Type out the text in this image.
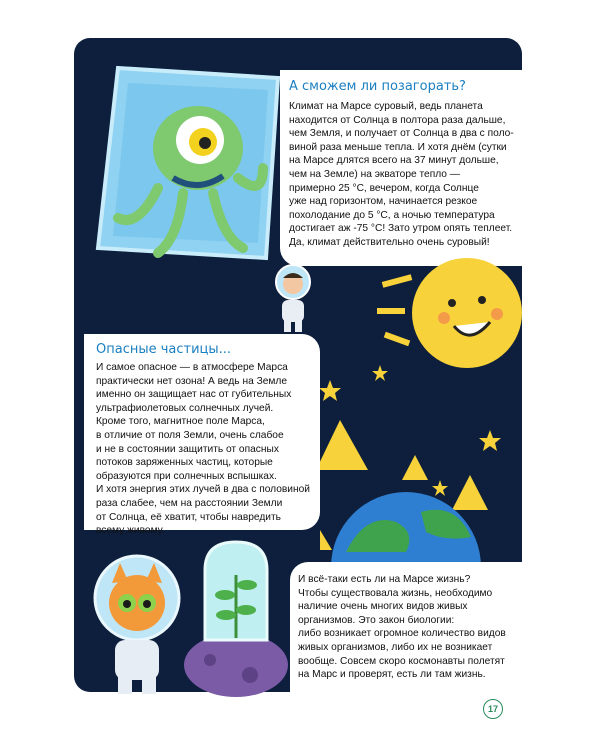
А сможем ли позагорать?
Климат на Марсе суровый, ведь планета
находится от Солнца в полтора раза дальше,
чем Земля, и получает от Солнца в два с поло-
виной раза меньше тепла. И хотя днём (сутки
на Марсе длятся всего на 37 минут дольше,
чем на Земле) на экваторе тепло —
примерно 25 °С, вечером, когда Солнце
уже над горизонтом, начинается резкое
похолодание до 5 °С, а ночью температура
достигает аж -75 °С! Зато утром опять теплеет.
Да, климат действительно очень суровый!
Опасные частицы...
И самое опасное — в атмосфере Марса
практически нет озона! А ведь на Земле
именно он защищает нас от губительных
ультрафиолетовых солнечных лучей.
Кроме того, магнитное поле Марса,
в отличие от поля Земли, очень слабое
и не в состоянии защитить от опасных
потоков заряженных частиц, которые
образуются при солнечных вспышках.
И хотя энергия этих лучей в два с половиной
раза слабее, чем на расстоянии Земли
от Солнца, её хватит, чтобы навредить
всему живому.
И всё-таки есть ли на Марсе жизнь?
Чтобы существовала жизнь, необходимо
наличие очень многих видов живых
организмов. Это закон биологии:
либо возникает огромное количество видов
живых организмов, либо их не возникает
вообще. Совсем скоро космонавты полетят
на Марс и проверят, есть ли там жизнь.
17
